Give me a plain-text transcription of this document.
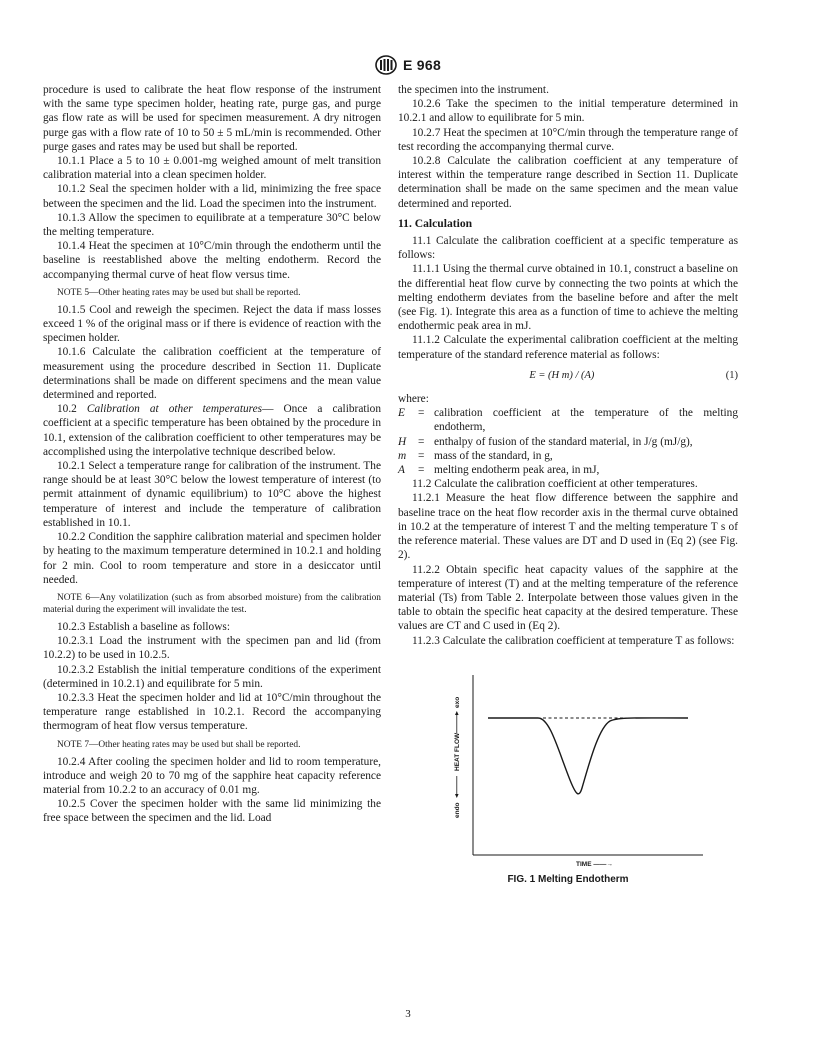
E 968

procedure is used to calibrate the heat flow response of the instrument with the same type specimen holder, heating rate, purge gas, and purge gas flow rate as will be used for specimen measurement. A dry nitrogen purge gas with a flow rate of 10 to 50 ± 5 mL/min is recommended. Other purge gases and rates may be used but shall be reported.

10.1.1 Place a 5 to 10 ± 0.001-mg weighed amount of melt transition calibration material into a clean specimen holder.

10.1.2 Seal the specimen holder with a lid, minimizing the free space between the specimen and the lid. Load the specimen into the instrument.

10.1.3 Allow the specimen to equilibrate at a temperature 30°C below the melting temperature.

10.1.4 Heat the specimen at 10°C/min through the endotherm until the baseline is reestablished above the melting endotherm. Record the accompanying thermal curve of heat flow versus time.

NOTE 5—Other heating rates may be used but shall be reported.

10.1.5 Cool and reweigh the specimen. Reject the data if mass losses exceed 1 % of the original mass or if there is evidence of reaction with the specimen holder.

10.1.6 Calculate the calibration coefficient at the temperature of measurement using the procedure described in Section 11. Duplicate determinations shall be made on different specimens and the mean value determined and reported.

10.2 Calibration at other temperatures— Once a calibration coefficient at a specific temperature has been obtained by the procedure in 10.1, extension of the calibration coefficient to other temperatures may be accomplished using the interpolative technique described below.

10.2.1 Select a temperature range for calibration of the instrument. The range should be at least 30°C below the lowest temperature of interest (to permit attainment of dynamic equilibrium) to 10°C above the highest temperature of interest and include the temperature of calibration established in 10.1.

10.2.2 Condition the sapphire calibration material and specimen holder by heating to the maximum temperature determined in 10.2.1 and holding for 2 min. Cool to room temperature and store in a desiccator until needed.

NOTE 6—Any volatilization (such as from absorbed moisture) from the calibration material during the experiment will invalidate the test.

10.2.3 Establish a baseline as follows:

10.2.3.1 Load the instrument with the specimen pan and lid (from 10.2.2) to be used in 10.2.5.

10.2.3.2 Establish the initial temperature conditions of the experiment (determined in 10.2.1) and equilibrate for 5 min.

10.2.3.3 Heat the specimen holder and lid at 10°C/min throughout the temperature range established in 10.2.1. Record the accompanying thermogram of heat flow versus temperature.

NOTE 7—Other heating rates may be used but shall be reported.

10.2.4 After cooling the specimen holder and lid to room temperature, introduce and weigh 20 to 70 mg of the sapphire heat capacity reference material from 10.2.2 to an accuracy of 0.01 mg.

10.2.5 Cover the specimen holder with the same lid minimizing the free space between the specimen and the lid. Load

the specimen into the instrument.

10.2.6 Take the specimen to the initial temperature determined in 10.2.1 and allow to equilibrate for 5 min.

10.2.7 Heat the specimen at 10°C/min through the temperature range of test recording the accompanying thermal curve.

10.2.8 Calculate the calibration coefficient at any temperature of interest within the temperature range described in Section 11. Duplicate determination shall be made on the same specimen and the mean value determined and reported.

11. Calculation

11.1 Calculate the calibration coefficient at a specific temperature as follows:

11.1.1 Using the thermal curve obtained in 10.1, construct a baseline on the differential heat flow curve by connecting the two points at which the melting endotherm deviates from the baseline before and after the melt (see Fig. 1). Integrate this area as a function of time to achieve the melting endothermic peak area in mJ.

11.1.2 Calculate the experimental calibration coefficient at the melting temperature of the standard reference material as follows:

E = (H m) / (A)	(1)

where:

E	= calibration coefficient at the temperature of the melting endotherm,
H	= enthalpy of fusion of the standard material, in J/g (mJ/g),
m	= mass of the standard, in g,
A	= melting endotherm peak area, in mJ,

11.2 Calculate the calibration coefficient at other temperatures.

11.2.1 Measure the heat flow difference between the sapphire and baseline trace on the heat flow recorder axis in the thermal curve obtained in 10.2 at the temperature of interest T and the melting temperature T s of the reference material. These values are DT and D used in (Eq 2) (see Fig. 2).

11.2.2 Obtain specific heat capacity values of the sapphire at the temperature of interest (T) and at the melting temperature of the reference material (Ts) from Table 2. Interpolate between those values given in the table to obtain the specific heat capacity at the desired temperature. These values are CT and C used in (Eq 2).

11.2.3 Calculate the calibration coefficient at temperature T as follows:

endo
HEAT FLOW
exo
TIME ——→
FIG. 1 Melting Endotherm
3
